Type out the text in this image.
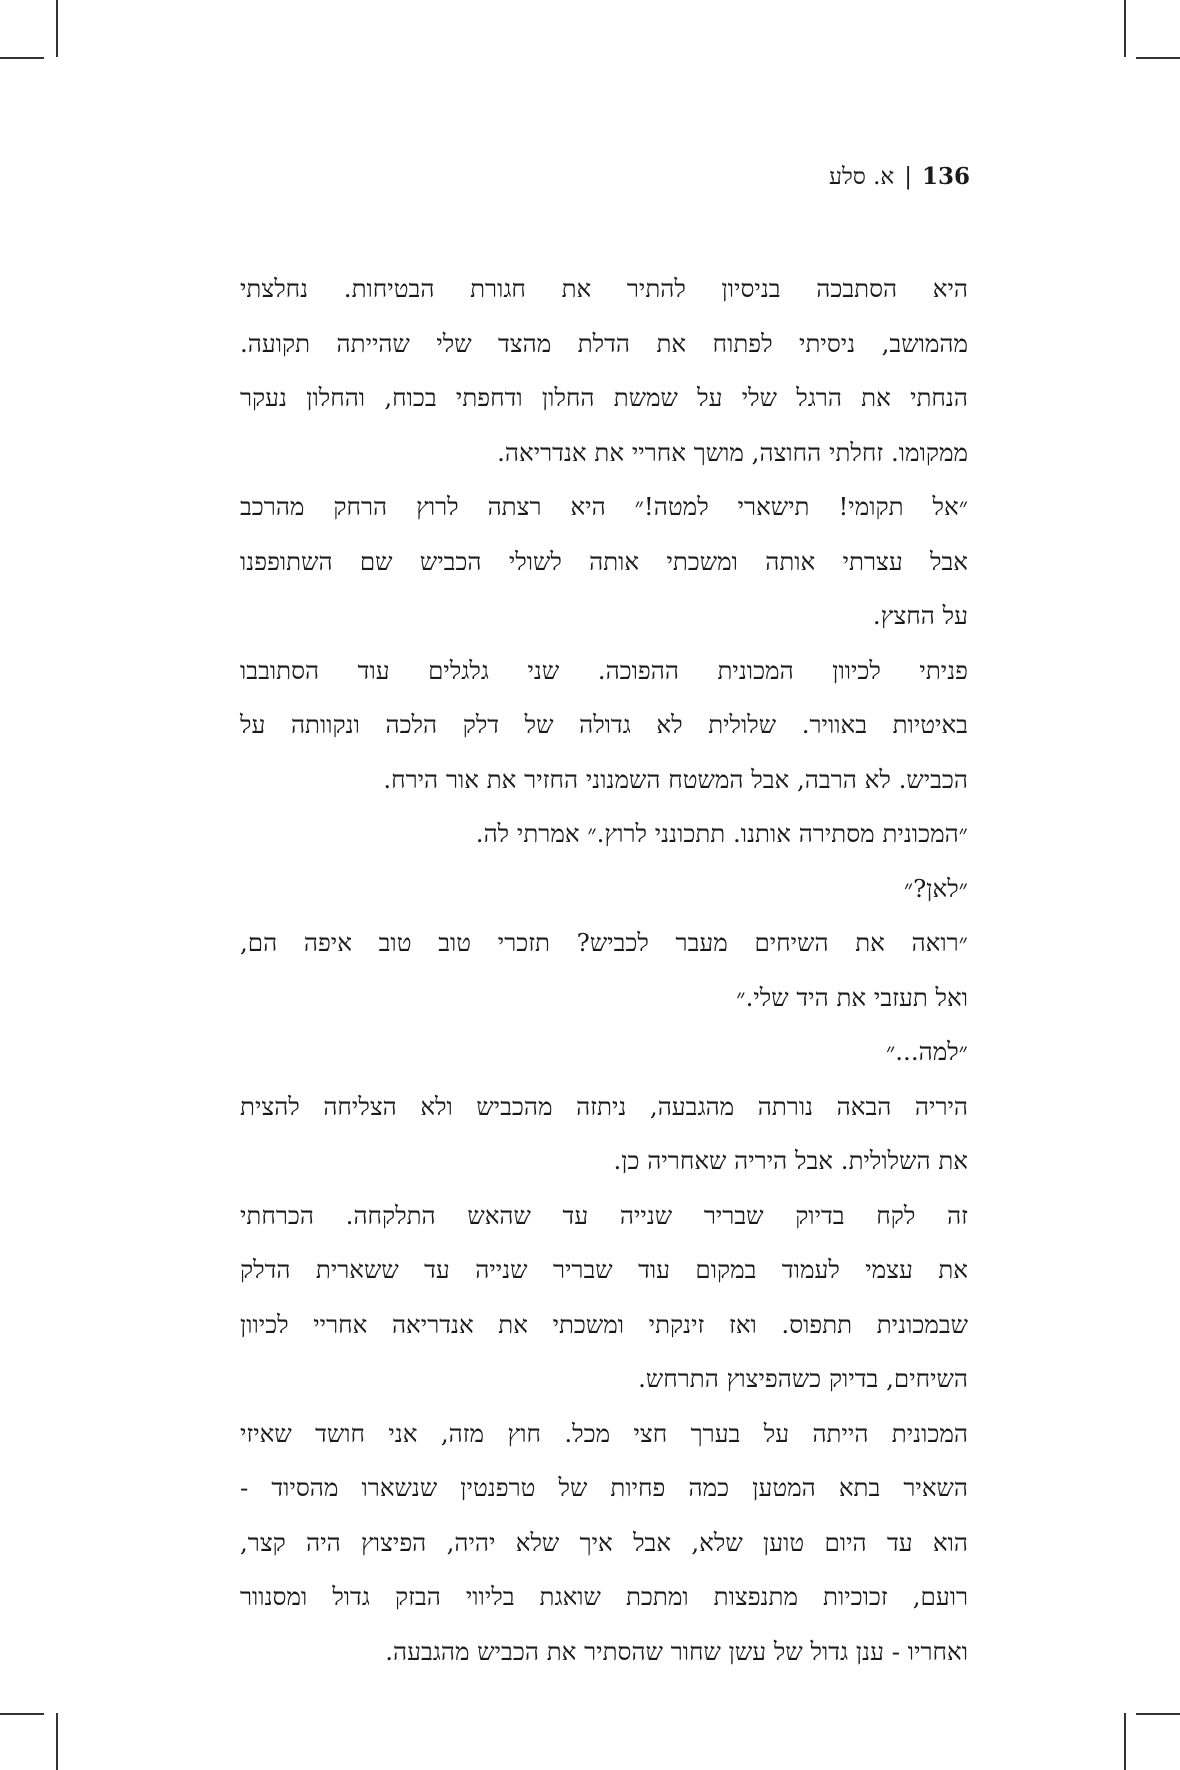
136|א. סלע
היא הסתבכה בניסיון להתיר את חגורת הבטיחות. נחלצתי
מהמושב, ניסיתי לפתוח את הדלת מהצד שלי שהייתה תקועה.
הנחתי את הרגל שלי על שמשת החלון ודחפתי בכוח, והחלון נעקר
ממקומו. זחלתי החוצה, מושך אחריי את אנדריאה.
״אל תקומי! תישארי למטה!״ היא רצתה לרוץ הרחק מהרכב
אבל עצרתי אותה ומשכתי אותה לשולי הכביש שם השתופפנו
על החצץ.
פניתי לכיוון המכונית ההפוכה. שני גלגלים עוד הסתובבו
באיטיות באוויר. שלולית לא גדולה של דלק הלכה ונקוותה על
הכביש. לא הרבה, אבל המשטח השמנוני החזיר את אור הירח.
״המכונית מסתירה אותנו. תתכונני לרוץ.״ אמרתי לה.
״לאן?״
״רואה את השיחים מעבר לכביש? תזכרי טוב טוב איפה הם,
ואל תעזבי את היד שלי.״
״למה...״
היריה הבאה נורתה מהגבעה, ניתזה מהכביש ולא הצליחה להצית
את השלולית. אבל היריה שאחריה כן.
זה לקח בדיוק שבריר שנייה עד שהאש התלקחה. הכרחתי
את עצמי לעמוד במקום עוד שבריר שנייה עד ששארית הדלק
שבמכונית תתפוס. ואז זינקתי ומשכתי את אנדריאה אחריי לכיוון
השיחים, בדיוק כשהפיצוץ התרחש.
המכונית הייתה על בערך חצי מכל. חוץ מזה, אני חושד שאיזי
השאיר בתא המטען כמה פחיות של טרפנטין שנשארו מהסיוד -
הוא עד היום טוען שלא, אבל איך שלא יהיה, הפיצוץ היה קצר,
רועם, זכוכיות מתנפצות ומתכת שואגת בליווי הבזק גדול ומסנוור
ואחריו - ענן גדול של עשן שחור שהסתיר את הכביש מהגבעה.
